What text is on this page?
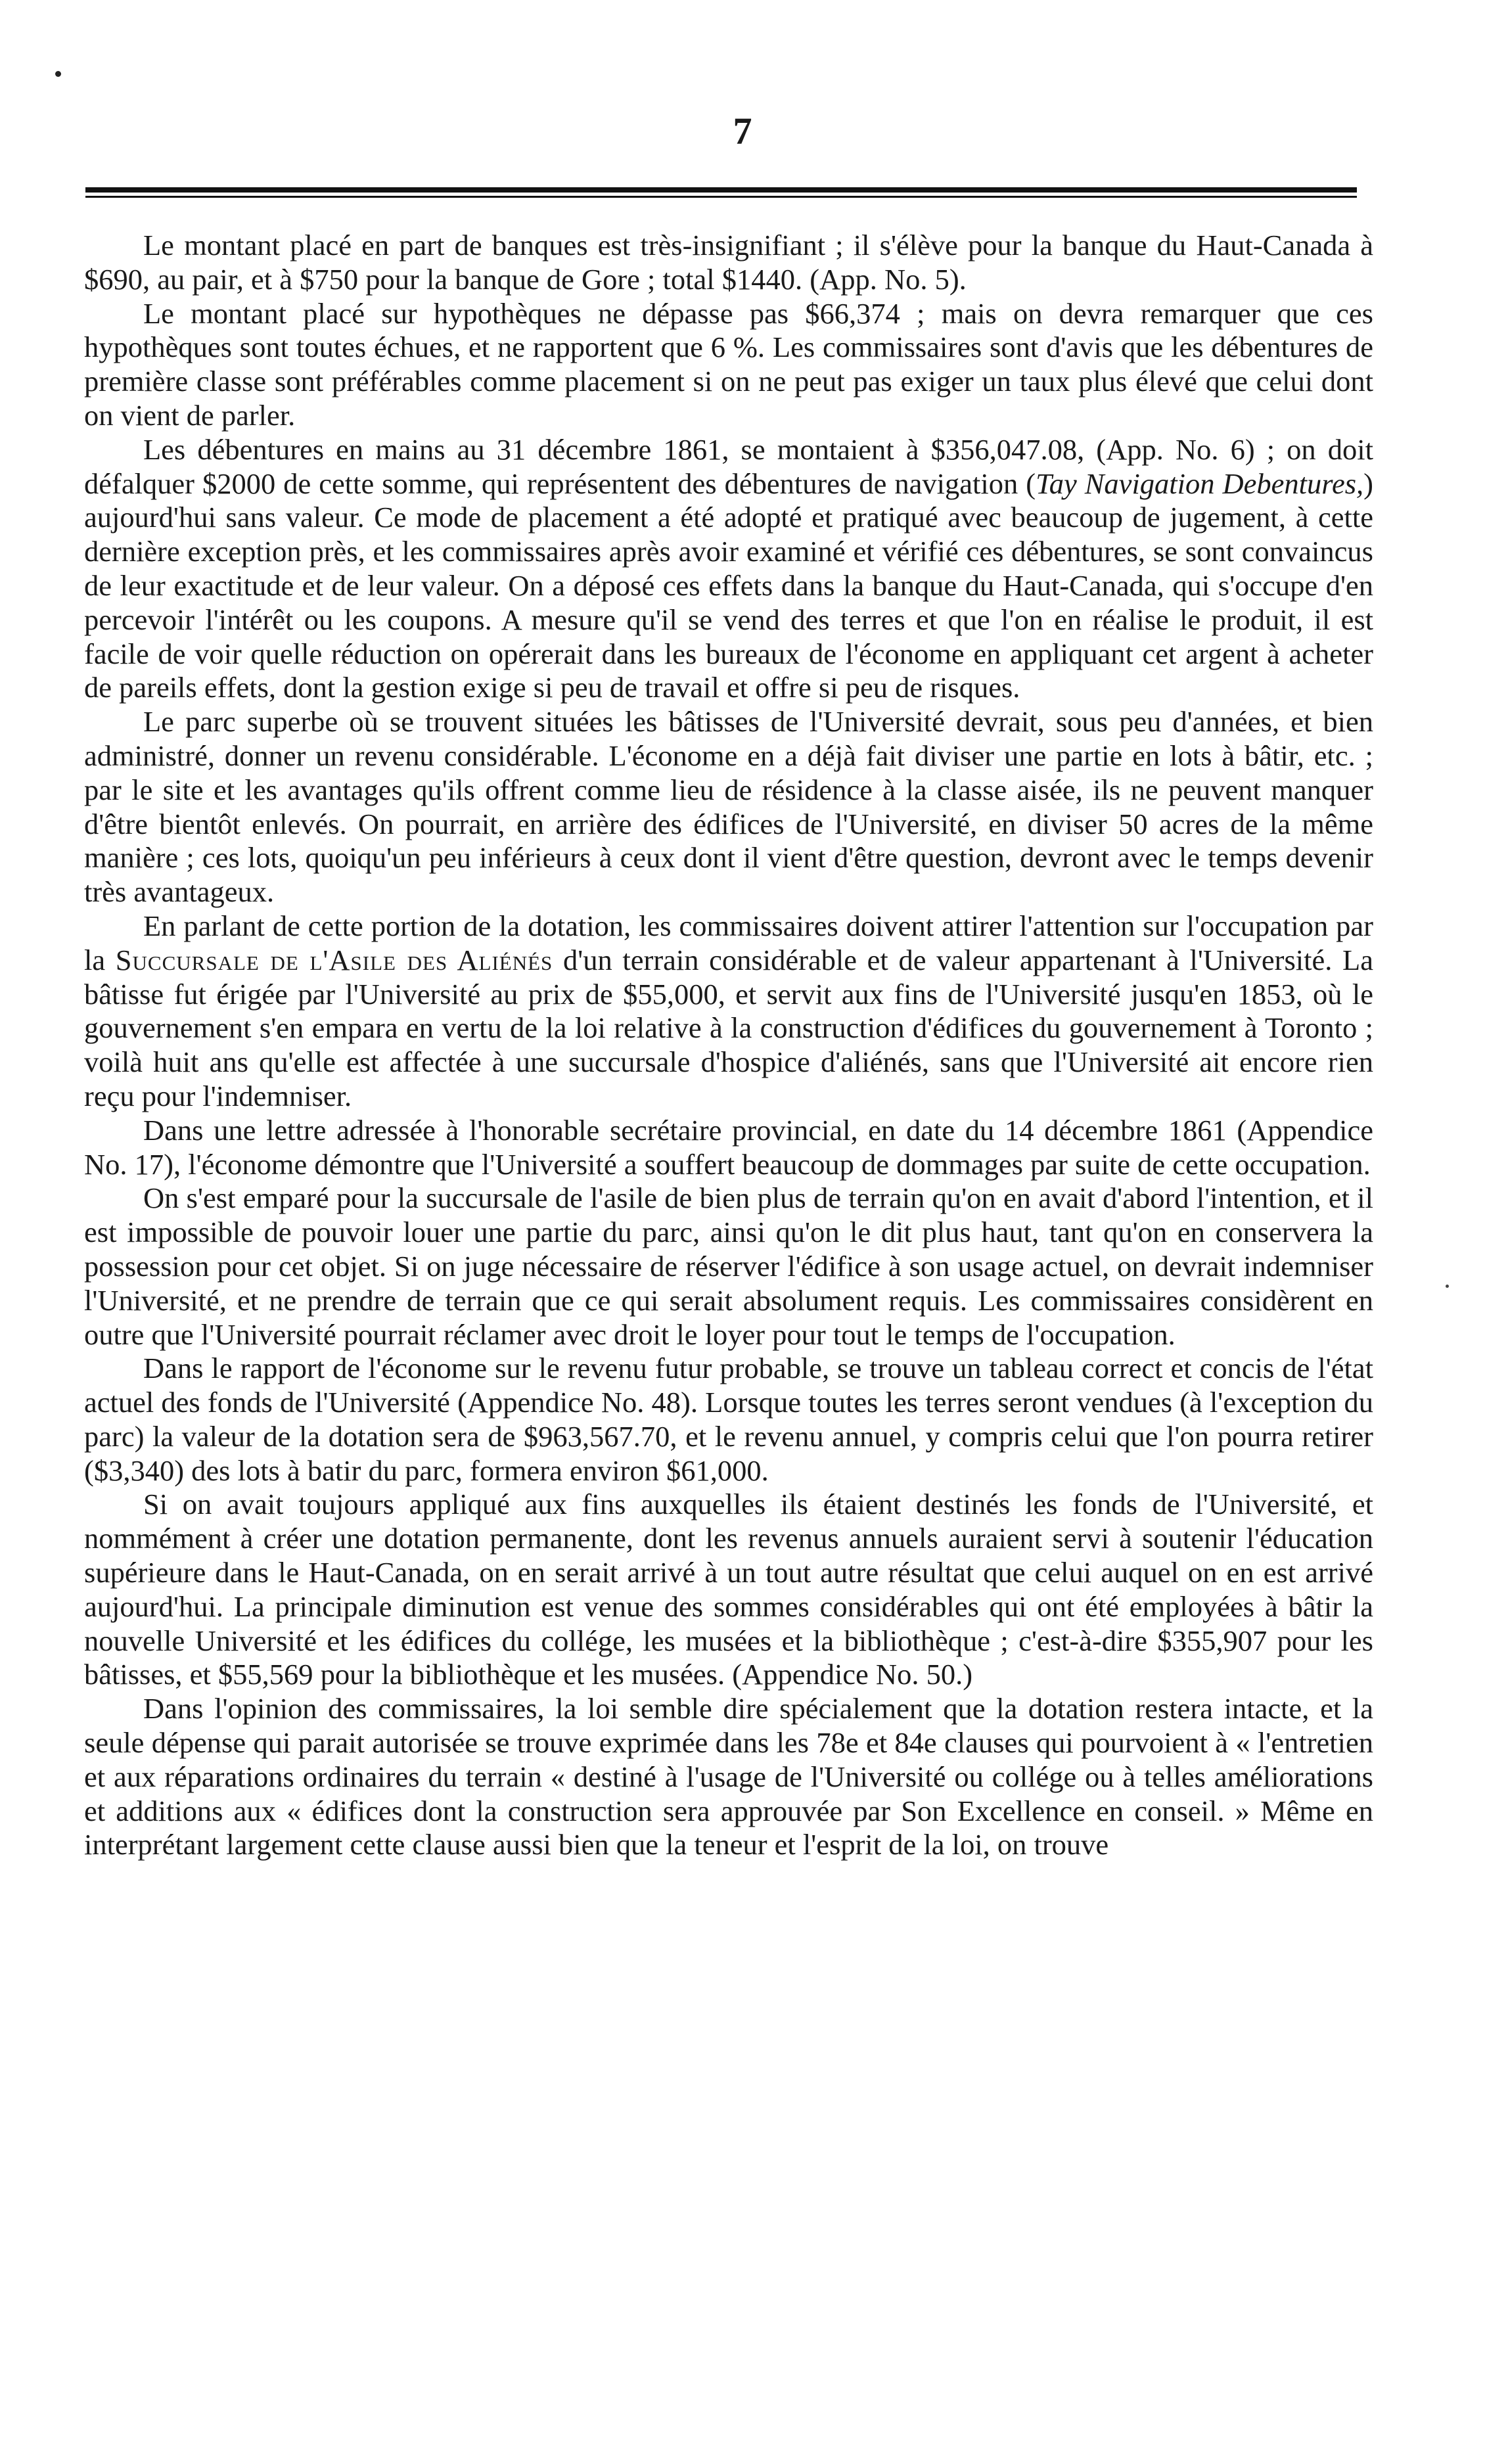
7

Le montant placé en part de banques est très-insignifiant ; il s'élève pour la banque du Haut-Canada à $690, au pair, et à $750 pour la banque de Gore ; total $1440. (App. No. 5).

Le montant placé sur hypothèques ne dépasse pas $66,374 ; mais on devra remarquer que ces hypothèques sont toutes échues, et ne rapportent que 6 %. Les commissaires sont d'avis que les débentures de première classe sont préférables comme placement si on ne peut pas exiger un taux plus élevé que celui dont on vient de parler.

Les débentures en mains au 31 décembre 1861, se montaient à $356,047.08, (App. No. 6) ; on doit défalquer $2000 de cette somme, qui représentent des débentures de navigation (Tay Navigation Debentures,) aujourd'hui sans valeur. Ce mode de placement a été adopté et pratiqué avec beaucoup de jugement, à cette dernière exception près, et les commissaires après avoir examiné et vérifié ces débentures, se sont convaincus de leur exactitude et de leur valeur. On a déposé ces effets dans la banque du Haut-Canada, qui s'occupe d'en percevoir l'intérêt ou les coupons. A mesure qu'il se vend des terres et que l'on en réalise le produit, il est facile de voir quelle réduction on opérerait dans les bureaux de l'économe en appliquant cet argent à acheter de pareils effets, dont la gestion exige si peu de travail et offre si peu de risques.

Le parc superbe où se trouvent situées les bâtisses de l'Université devrait, sous peu d'années, et bien administré, donner un revenu considérable. L'économe en a déjà fait diviser une partie en lots à bâtir, etc. ; par le site et les avantages qu'ils offrent comme lieu de résidence à la classe aisée, ils ne peuvent manquer d'être bientôt enlevés. On pourrait, en arrière des édifices de l'Université, en diviser 50 acres de la même manière ; ces lots, quoiqu'un peu inférieurs à ceux dont il vient d'être question, devront avec le temps devenir très avantageux.

En parlant de cette portion de la dotation, les commissaires doivent attirer l'attention sur l'occupation par la Succursale de l'Asile des Aliénés d'un terrain considérable et de valeur appartenant à l'Université. La bâtisse fut érigée par l'Université au prix de $55,000, et servit aux fins de l'Université jusqu'en 1853, où le gouvernement s'en empara en vertu de la loi relative à la construction d'édifices du gouvernement à Toronto ; voilà huit ans qu'elle est affectée à une succursale d'hospice d'aliénés, sans que l'Université ait encore rien reçu pour l'indemniser.

Dans une lettre adressée à l'honorable secrétaire provincial, en date du 14 décembre 1861 (Appendice No. 17), l'économe démontre que l'Université a souffert beaucoup de dommages par suite de cette occupation.

On s'est emparé pour la succursale de l'asile de bien plus de terrain qu'on en avait d'abord l'intention, et il est impossible de pouvoir louer une partie du parc, ainsi qu'on le dit plus haut, tant qu'on en conservera la possession pour cet objet. Si on juge nécessaire de réserver l'édifice à son usage actuel, on devrait indemniser l'Université, et ne prendre de terrain que ce qui serait absolument requis. Les commissaires considèrent en outre que l'Université pourrait réclamer avec droit le loyer pour tout le temps de l'occupation.

Dans le rapport de l'économe sur le revenu futur probable, se trouve un tableau correct et concis de l'état actuel des fonds de l'Université (Appendice No. 48). Lorsque toutes les terres seront vendues (à l'exception du parc) la valeur de la dotation sera de $963,567.70, et le revenu annuel, y compris celui que l'on pourra retirer ($3,340) des lots à batir du parc, formera environ $61,000.

Si on avait toujours appliqué aux fins auxquelles ils étaient destinés les fonds de l'Université, et nommément à créer une dotation permanente, dont les revenus annuels auraient servi à soutenir l'éducation supérieure dans le Haut-Canada, on en serait arrivé à un tout autre résultat que celui auquel on en est arrivé aujourd'hui. La principale diminution est venue des sommes considérables qui ont été employées à bâtir la nouvelle Université et les édifices du collége, les musées et la bibliothèque ; c'est-à-dire $355,907 pour les bâtisses, et $55,569 pour la bibliothèque et les musées. (Appendice No. 50.)

Dans l'opinion des commissaires, la loi semble dire spécialement que la dotation restera intacte, et la seule dépense qui parait autorisée se trouve exprimée dans les 78e et 84e clauses qui pourvoient à « l'entretien et aux réparations ordinaires du terrain « destiné à l'usage de l'Université ou collége ou à telles améliorations et additions aux « édifices dont la construction sera approuvée par Son Excellence en conseil. » Même en interprétant largement cette clause aussi bien que la teneur et l'esprit de la loi, on trouve
